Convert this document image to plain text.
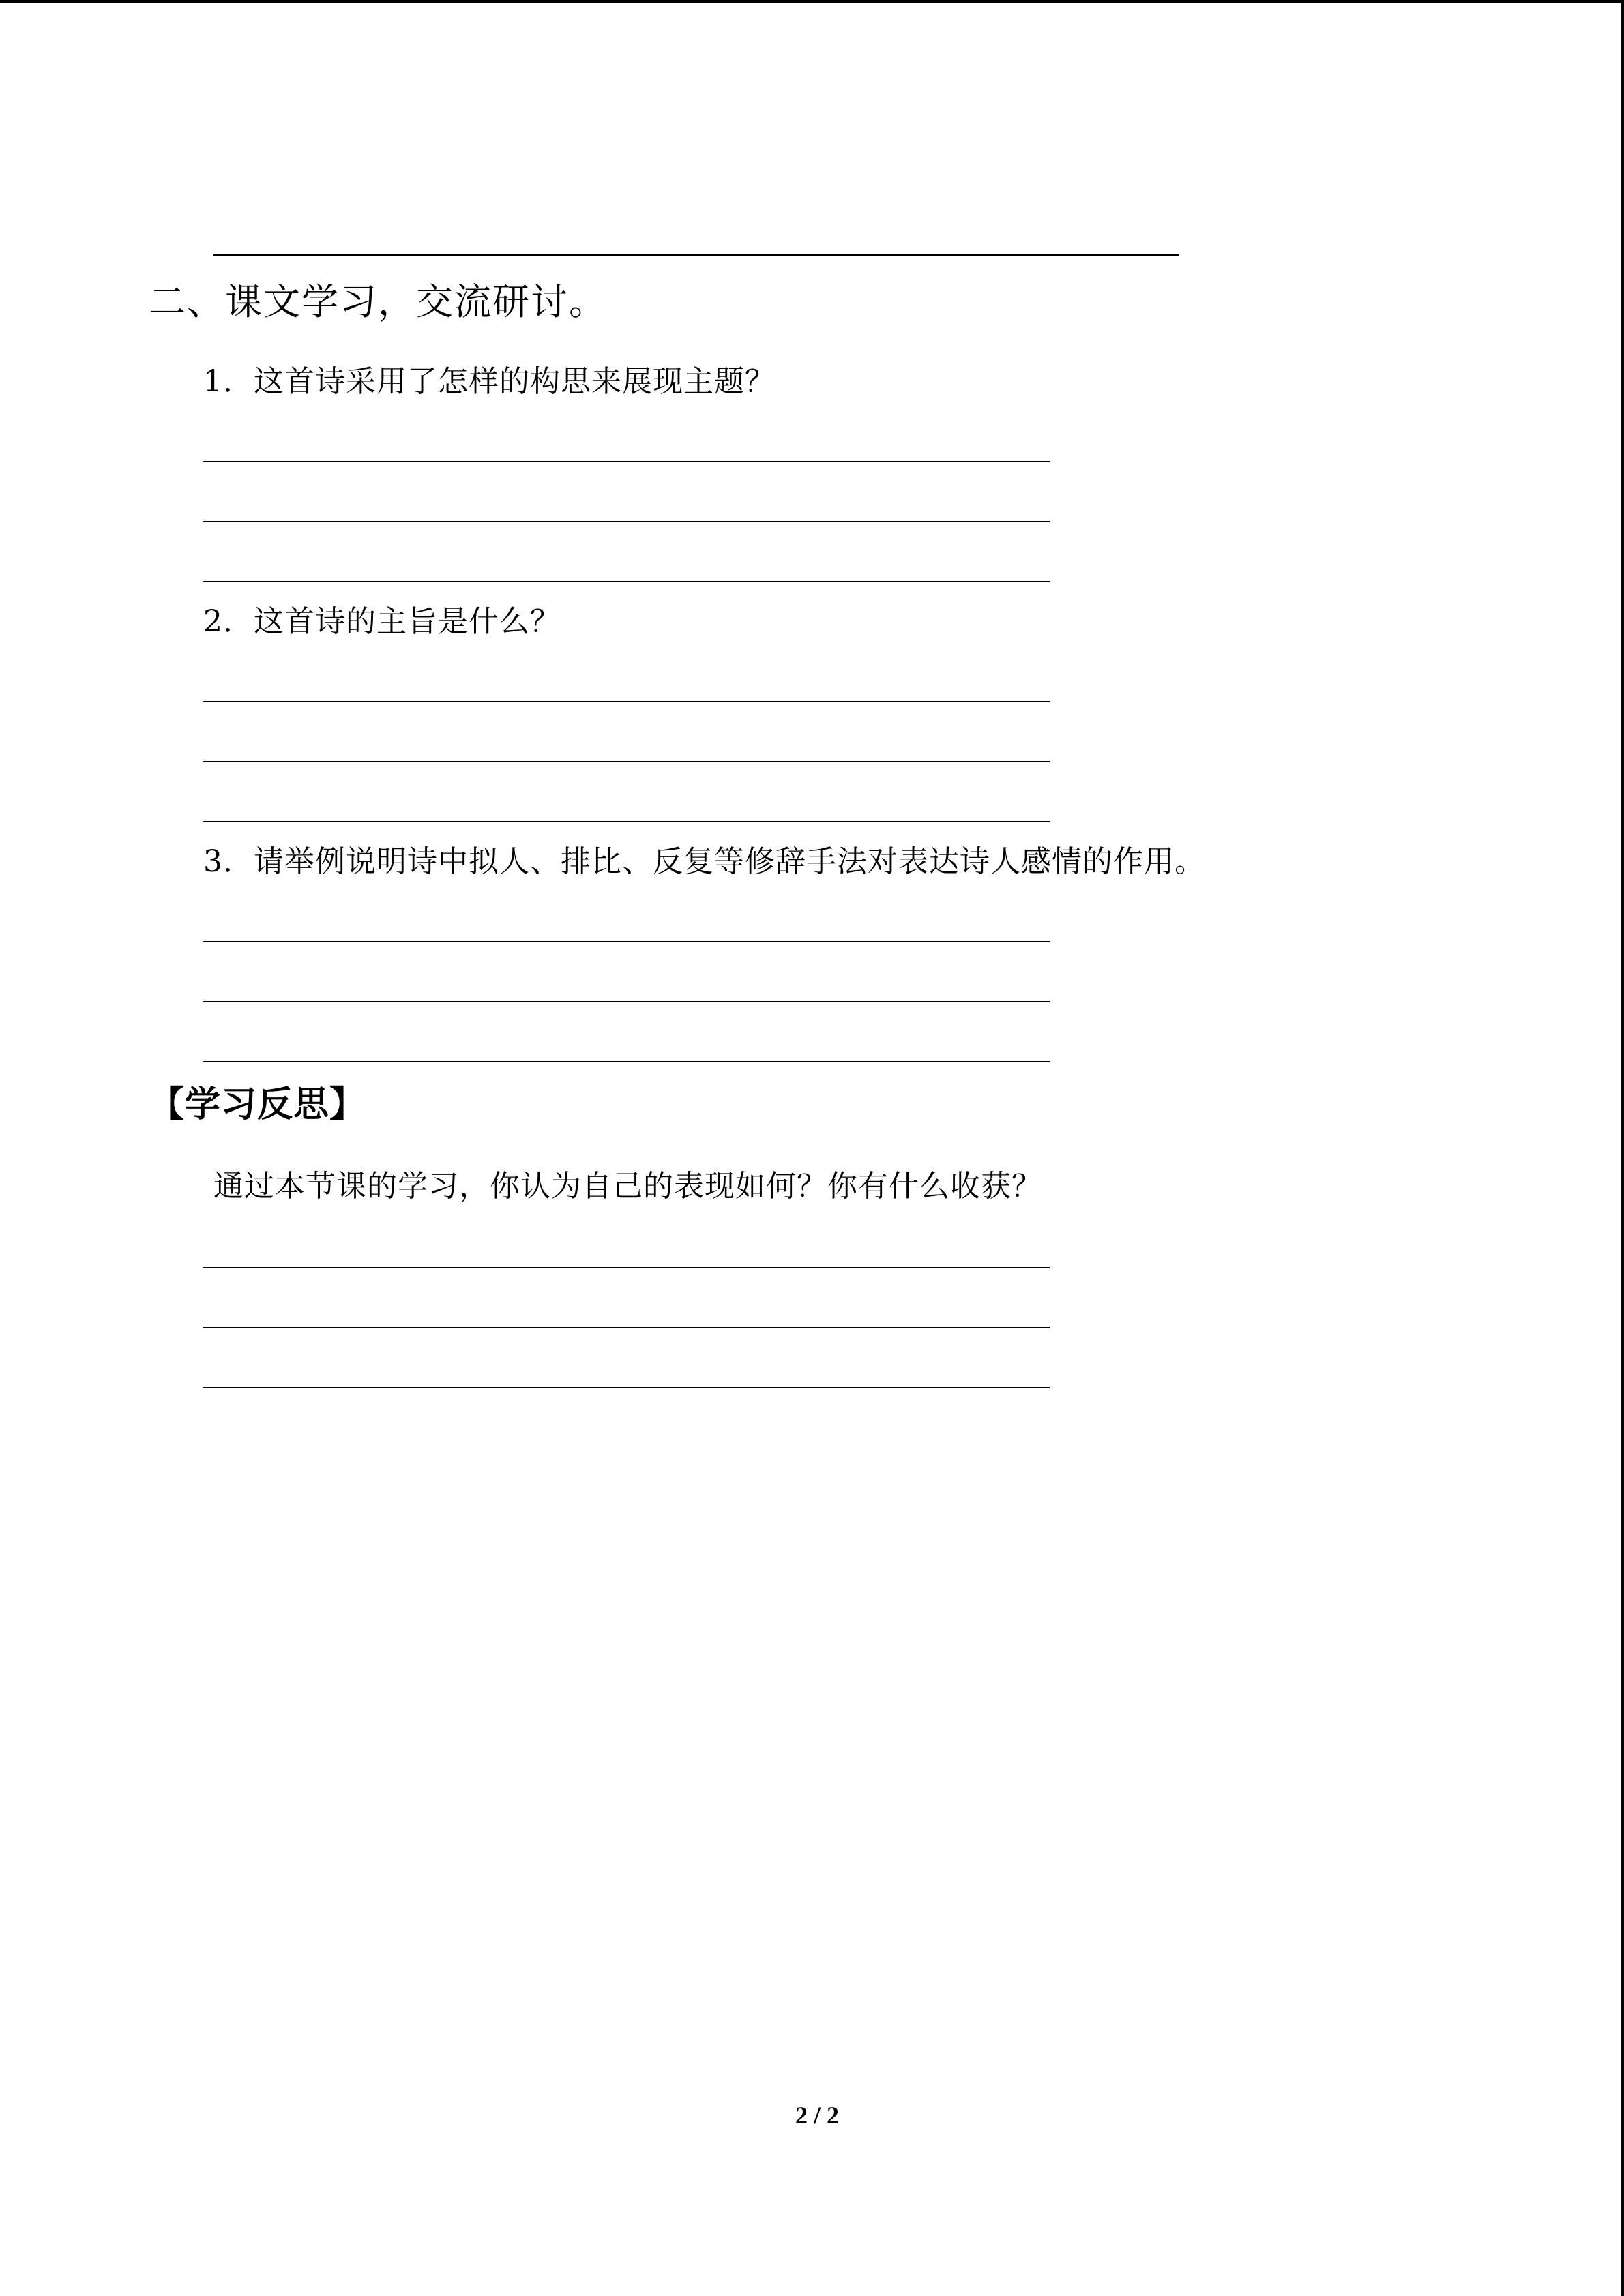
二、课文学习，交流研讨。
1．这首诗采用了怎样的构思来展现主题？
2．这首诗的主旨是什么？
3．请举例说明诗中拟人、排比、反复等修辞手法对表达诗人感情的作用。
【学习反思】
通过本节课的学习，你认为自己的表现如何？你有什么收获？
2 / 2
